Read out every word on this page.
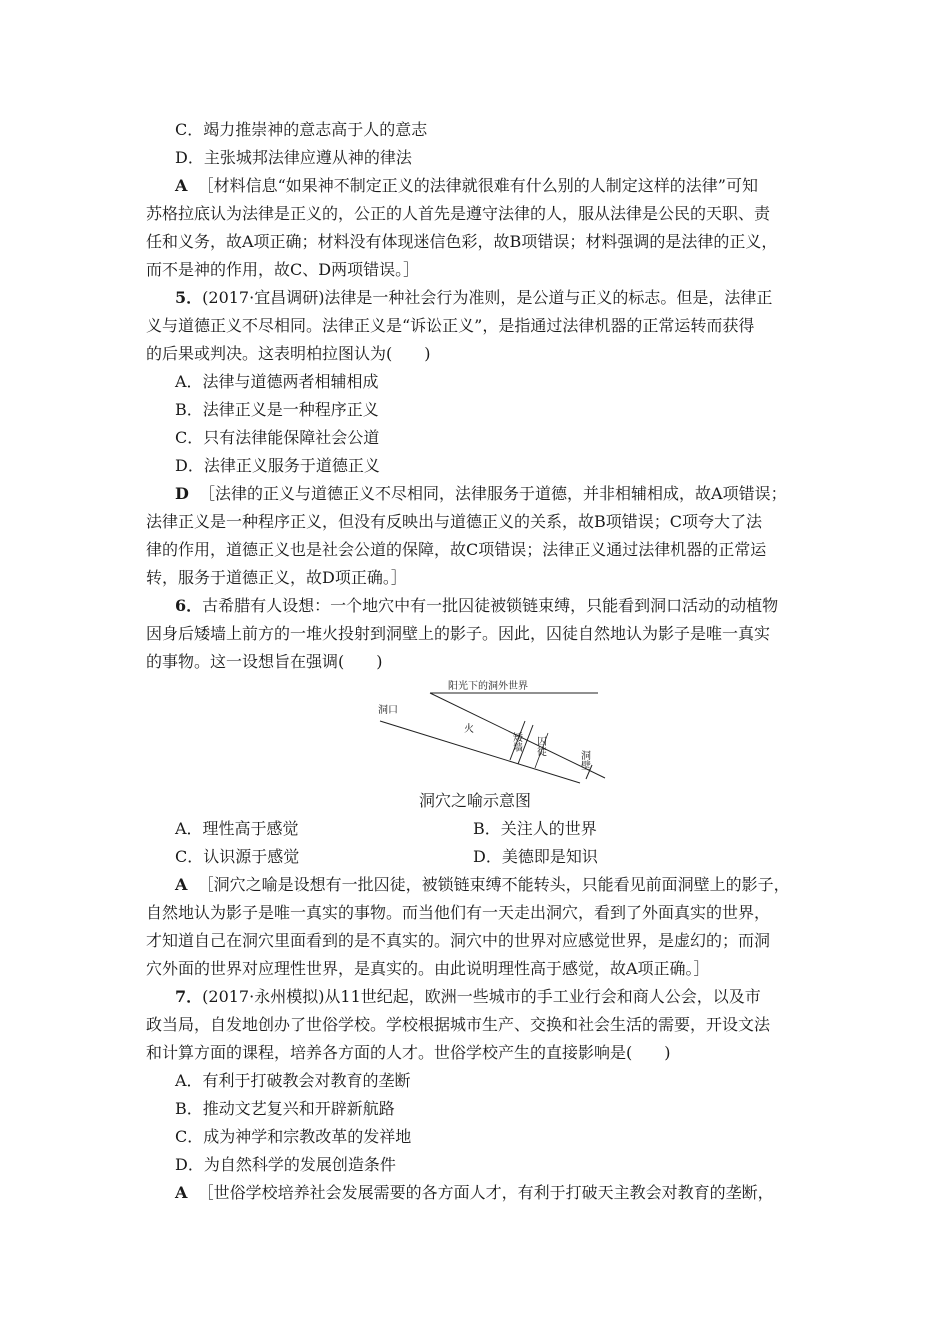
C．竭力推崇神的意志高于人的意志
D．主张城邦法律应遵从神的律法
A ［材料信息“如果神不制定正义的法律就很难有什么别的人制定这样的法律”可知
苏格拉底认为法律是正义的，公正的人首先是遵守法律的人，服从法律是公民的天职、责
任和义务，故A项正确；材料没有体现迷信色彩，故B项错误；材料强调的是法律的正义，
而不是神的作用，故C、D两项错误。］
5．(2017·宜昌调研)法律是一种社会行为准则，是公道与正义的标志。但是，法律正
义与道德正义不尽相同。法律正义是“诉讼正义”，是指通过法律机器的正常运转而获得
的后果或判决。这表明柏拉图认为(　　)
A．法律与道德两者相辅相成
B．法律正义是一种程序正义
C．只有法律能保障社会公道
D．法律正义服务于道德正义
D ［法律的正义与道德正义不尽相同，法律服务于道德，并非相辅相成，故A项错误；
法律正义是一种程序正义，但没有反映出与道德正义的关系，故B项错误；C项夸大了法
律的作用，道德正义也是社会公道的保障，故C项错误；法律正义通过法律机器的正常运
转，服务于道德正义，故D项正确。］
6．古希腊有人设想：一个地穴中有一批囚徒被锁链束缚，只能看到洞口活动的动植物
因身后矮墙上前方的一堆火投射到洞壁上的影子。因此，囚徒自然地认为影子是唯一真实
的事物。这一设想旨在强调(　　)
阳光下的洞外世界
洞口
火
矮墙 囚徒
洞壁
洞穴之喻示意图
A．理性高于感觉	B．关注人的世界
C．认识源于感觉	D．美德即是知识
A ［洞穴之喻是设想有一批囚徒，被锁链束缚不能转头，只能看见前面洞壁上的影子，
自然地认为影子是唯一真实的事物。而当他们有一天走出洞穴，看到了外面真实的世界，
才知道自己在洞穴里面看到的是不真实的。洞穴中的世界对应感觉世界，是虚幻的；而洞
穴外面的世界对应理性世界，是真实的。由此说明理性高于感觉，故A项正确。］
7．(2017·永州模拟)从11世纪起，欧洲一些城市的手工业行会和商人公会，以及市
政当局，自发地创办了世俗学校。学校根据城市生产、交换和社会生活的需要，开设文法
和计算方面的课程，培养各方面的人才。世俗学校产生的直接影响是(　　)
A．有利于打破教会对教育的垄断
B．推动文艺复兴和开辟新航路
C．成为神学和宗教改革的发祥地
D．为自然科学的发展创造条件
A ［世俗学校培养社会发展需要的各方面人才，有利于打破天主教会对教育的垄断，
